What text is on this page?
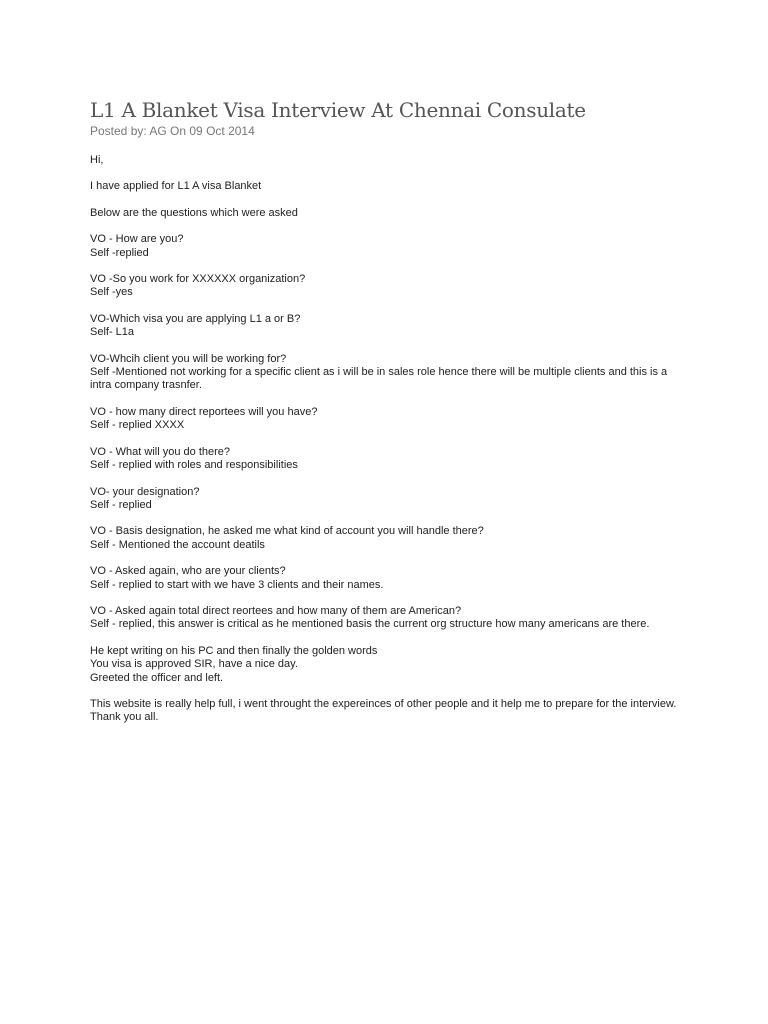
L1 A Blanket Visa Interview At Chennai Consulate

Posted by: AG On 09 Oct 2014

Hi,
I have applied for L1 A visa Blanket
Below are the questions which were asked
VO - How are you?
Self -replied
VO -So you work for XXXXXX organization?
Self -yes
VO-Which visa you are applying L1 a or B?
Self- L1a
VO-Whcih client you will be working for?
Self -Mentioned not working for a specific client as i will be in sales role hence there will be multiple clients and this is a intra company trasnfer.
VO - how many direct reportees will you have?
Self - replied XXXX
VO - What will you do there?
Self - replied with roles and responsibilities
VO- your designation?
Self - replied
VO - Basis designation, he asked me what kind of account you will handle there?
Self - Mentioned the account deatils
VO - Asked again, who are your clients?
Self - replied to start with we have 3 clients and their names.
VO - Asked again total direct reortees and how many of them are American?
Self - replied, this answer is critical as he mentioned basis the current org structure how many americans are there.
He kept writing on his PC and then finally the golden words
You visa is approved SIR, have a nice day.
Greeted the officer and left.
This website is really help full, i went throught the expereinces of other people and it help me to prepare for the interview.
Thank you all.
